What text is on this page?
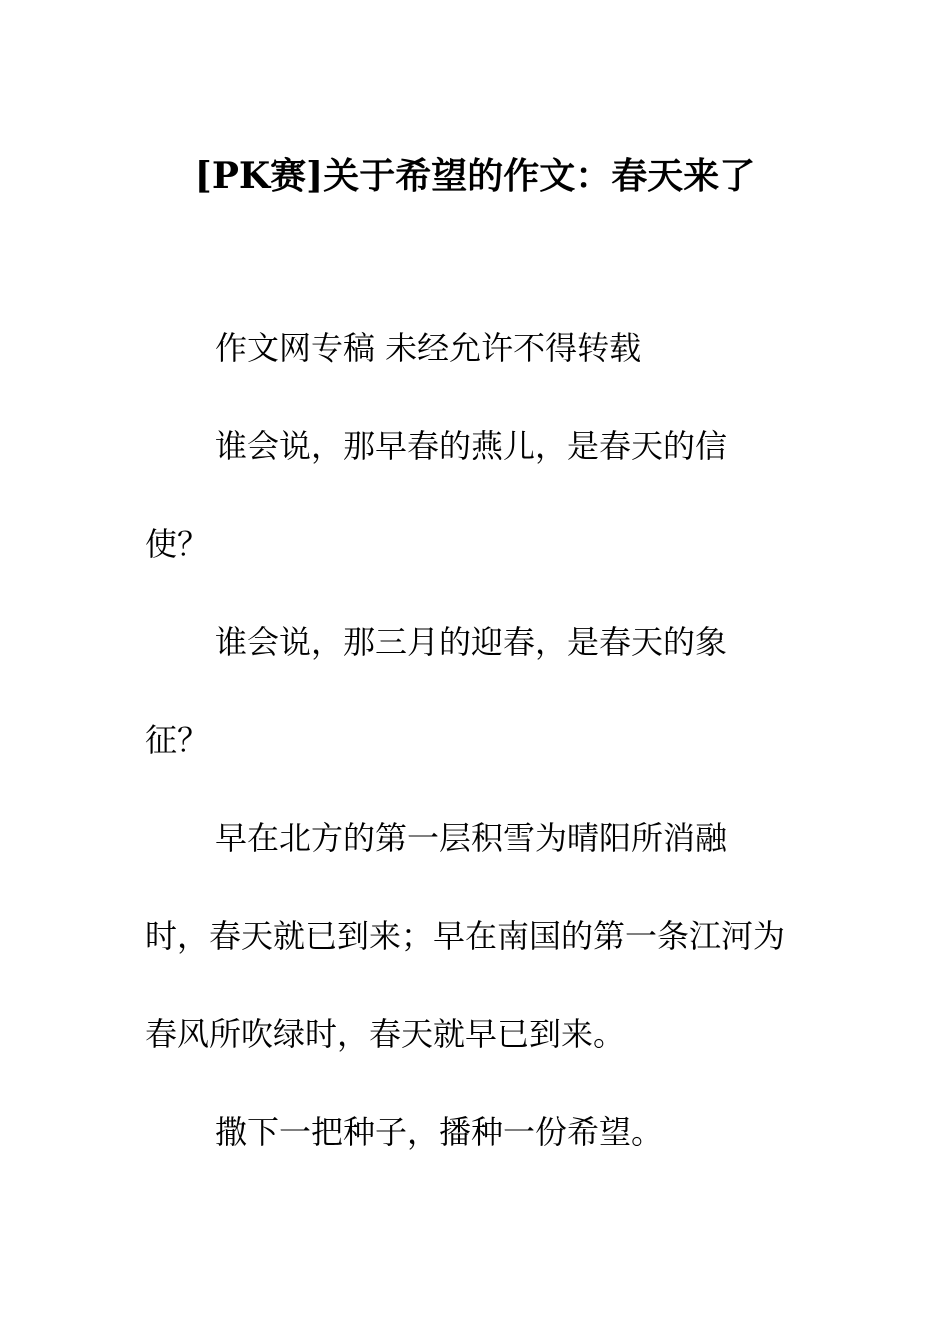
[PK赛]关于希望的作文：春天来了

作文网专稿 未经允许不得转载

谁会说，那早春的燕儿，是春天的信使？

谁会说，那三月的迎春，是春天的象征？

早在北方的第一层积雪为晴阳所消融时，春天就已到来；早在南国的第一条江河为春风所吹绿时，春天就早已到来。

撒下一把种子，播种一份希望。
